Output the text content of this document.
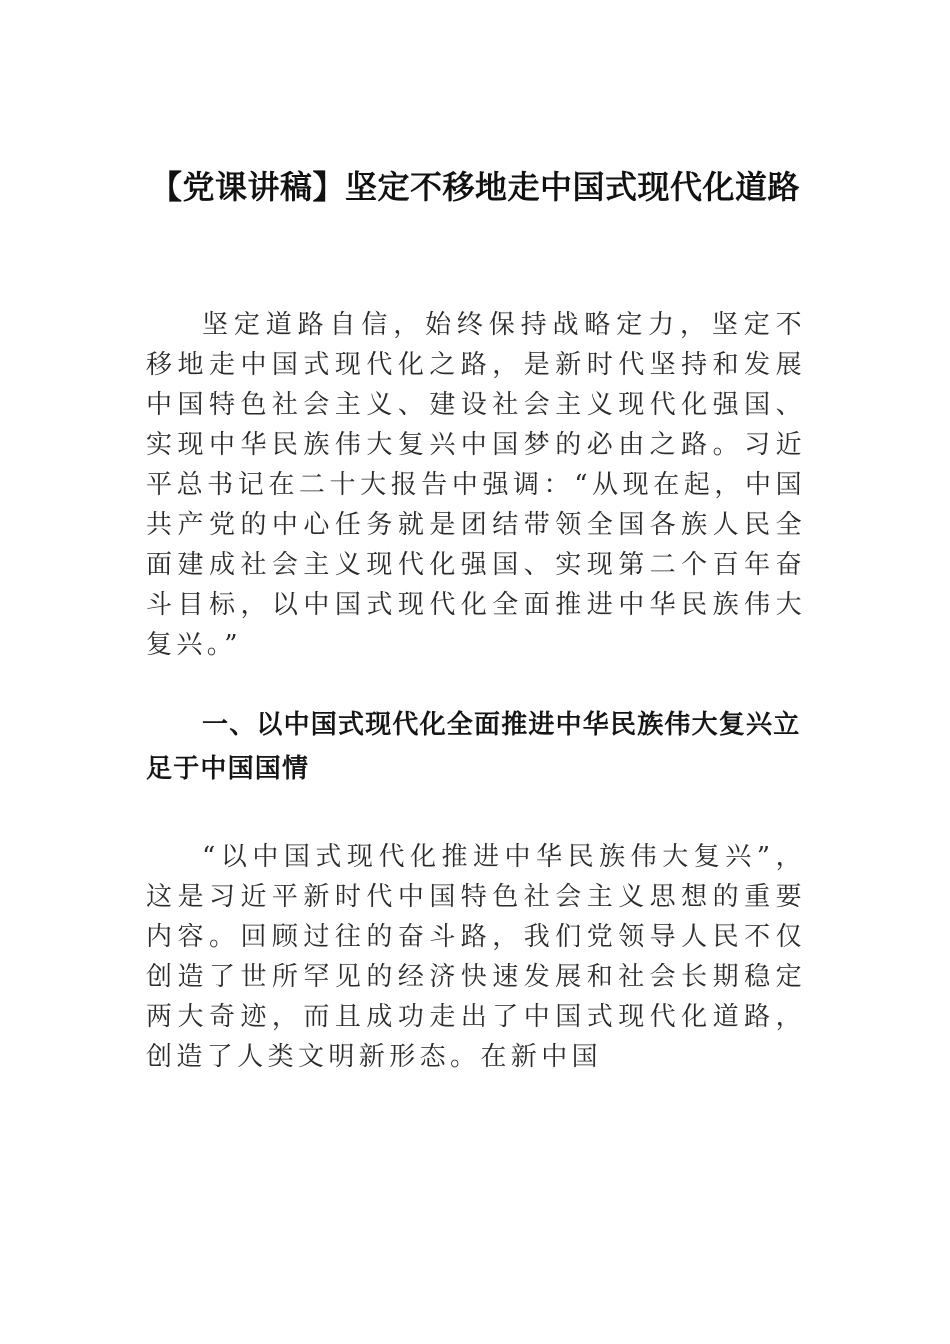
【党课讲稿】坚定不移地走中国式现代化道路

坚定道路自信，始终保持战略定力，坚定不移地走中国式现代化之路，是新时代坚持和发展中国特色社会主义、建设社会主义现代化强国、实现中华民族伟大复兴中国梦的必由之路。习近平总书记在二十大报告中强调：“从现在起，中国共产党的中心任务就是团结带领全国各族人民全面建成社会主义现代化强国、实现第二个百年奋斗目标，以中国式现代化全面推进中华民族伟大复兴。”

一、以中国式现代化全面推进中华民族伟大复兴立足于中国国情

“以中国式现代化推进中华民族伟大复兴”，这是习近平新时代中国特色社会主义思想的重要内容。回顾过往的奋斗路，我们党领导人民不仅创造了世所罕见的经济快速发展和社会长期稳定两大奇迹，而且成功走出了中国式现代化道路，创造了人类文明新形态。在新中国
